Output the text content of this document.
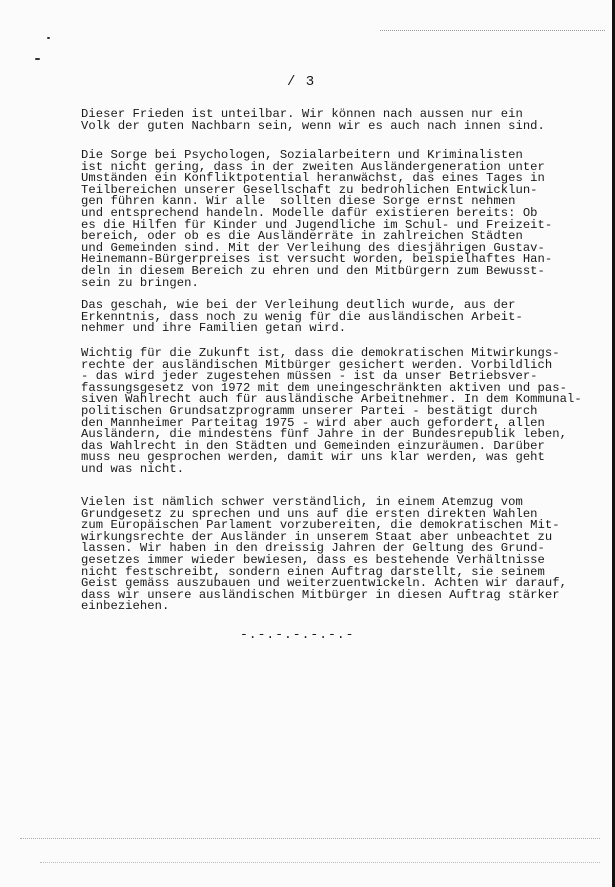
/ 3
Dieser Frieden ist unteilbar. Wir können nach aussen nur ein
Volk der guten Nachbarn sein, wenn wir es auch nach innen sind.
Die Sorge bei Psychologen, Sozialarbeitern und Kriminalisten
ist nicht gering, dass in der zweiten Ausländergeneration unter
Umständen ein Konfliktpotential heranwächst, das eines Tages in
Teilbereichen unserer Gesellschaft zu bedrohlichen Entwicklun-
gen führen kann. Wir alle  sollten diese Sorge ernst nehmen
und entsprechend handeln. Modelle dafür existieren bereits: Ob
es die Hilfen für Kinder und Jugendliche im Schul- und Freizeit-
bereich, oder ob es die Ausländerräte in zahlreichen Städten
und Gemeinden sind. Mit der Verleihung des diesjährigen Gustav-
Heinemann-Bürgerpreises ist versucht worden, beispielhaftes Han-
deln in diesem Bereich zu ehren und den Mitbürgern zum Bewusst-
sein zu bringen.
Das geschah, wie bei der Verleihung deutlich wurde, aus der
Erkenntnis, dass noch zu wenig für die ausländischen Arbeit-
nehmer und ihre Familien getan wird.
Wichtig für die Zukunft ist, dass die demokratischen Mitwirkungs-
rechte der ausländischen Mitbürger gesichert werden. Vorbildlich
- das wird jeder zugestehen müssen - ist da unser Betriebsver-
fassungsgesetz von 1972 mit dem uneingeschränkten aktiven und pas-
siven Wahlrecht auch für ausländische Arbeitnehmer. In dem Kommunal-
politischen Grundsatzprogramm unserer Partei - bestätigt durch
den Mannheimer Parteitag 1975 - wird aber auch gefordert, allen
Ausländern, die mindestens fünf Jahre in der Bundesrepublik leben,
das Wahlrecht in den Städten und Gemeinden einzuräumen. Darüber
muss neu gesprochen werden, damit wir uns klar werden, was geht
und was nicht.
Vielen ist nämlich schwer verständlich, in einem Atemzug vom
Grundgesetz zu sprechen und uns auf die ersten direkten Wahlen
zum Europäischen Parlament vorzubereiten, die demokratischen Mit-
wirkungsrechte der Ausländer in unserem Staat aber unbeachtet zu
lassen. Wir haben in den dreissig Jahren der Geltung des Grund-
gesetzes immer wieder bewiesen, dass es bestehende Verhältnisse
nicht festschreibt, sondern einen Auftrag darstellt, sie seinem
Geist gemäss auszubauen und weiterzuentwickeln. Achten wir darauf,
dass wir unsere ausländischen Mitbürger in diesen Auftrag stärker
einbeziehen.
-.-.-.-.-.-.-
